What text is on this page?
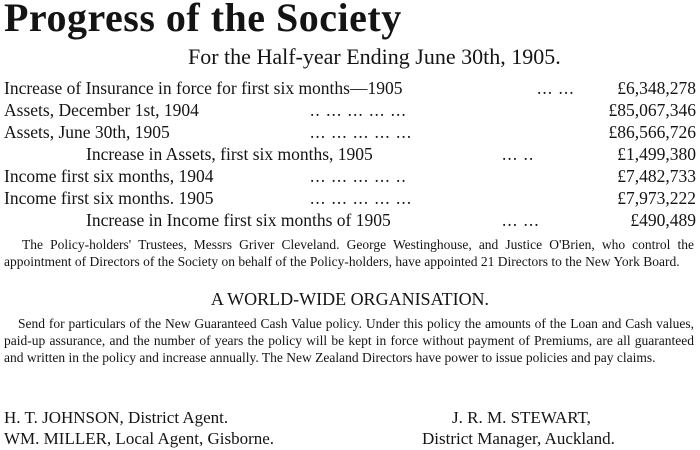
Progress of the Society
For the Half-year Ending June 30th, 1905.
Increase of Insurance in force for first six months—1905	... ... £6,348,278
Assets, December 1st, 1904	.. ... ... ... ...	£85,067,346
Assets, June 30th, 1905	... ... ... ... ...	£86,566,726
Increase in Assets, first six months, 1905	... ..	£1,499,380
Income first six months, 1904	... ... ... ... ..	£7,482,733
Income first six months. 1905	... ... ... ... ...	£7,973,222
Increase in Income first six months of 1905	... ...	£490,489

The Policy-holders' Trustees, Messrs Griver Cleveland. George Westinghouse, and Justice O'Brien, who control the appointment of Directors of the Society on behalf of the Policy-holders, have appointed 21 Directors to the New York Board.

A WORLD-WIDE ORGANISATION.

Send for particulars of the New Guaranteed Cash Value policy. Under this policy the amounts of the Loan and Cash values, paid-up assurance, and the number of years the policy will be kept in force without payment of Premiums, are all guaranteed and written in the policy and increase annually. The New Zealand Directors have power to issue policies and pay claims.

H. T. JOHNSON, District Agent.
WM. MILLER, Local Agent, Gisborne.
J. R. M. STEWART,
District Manager, Auckland.
